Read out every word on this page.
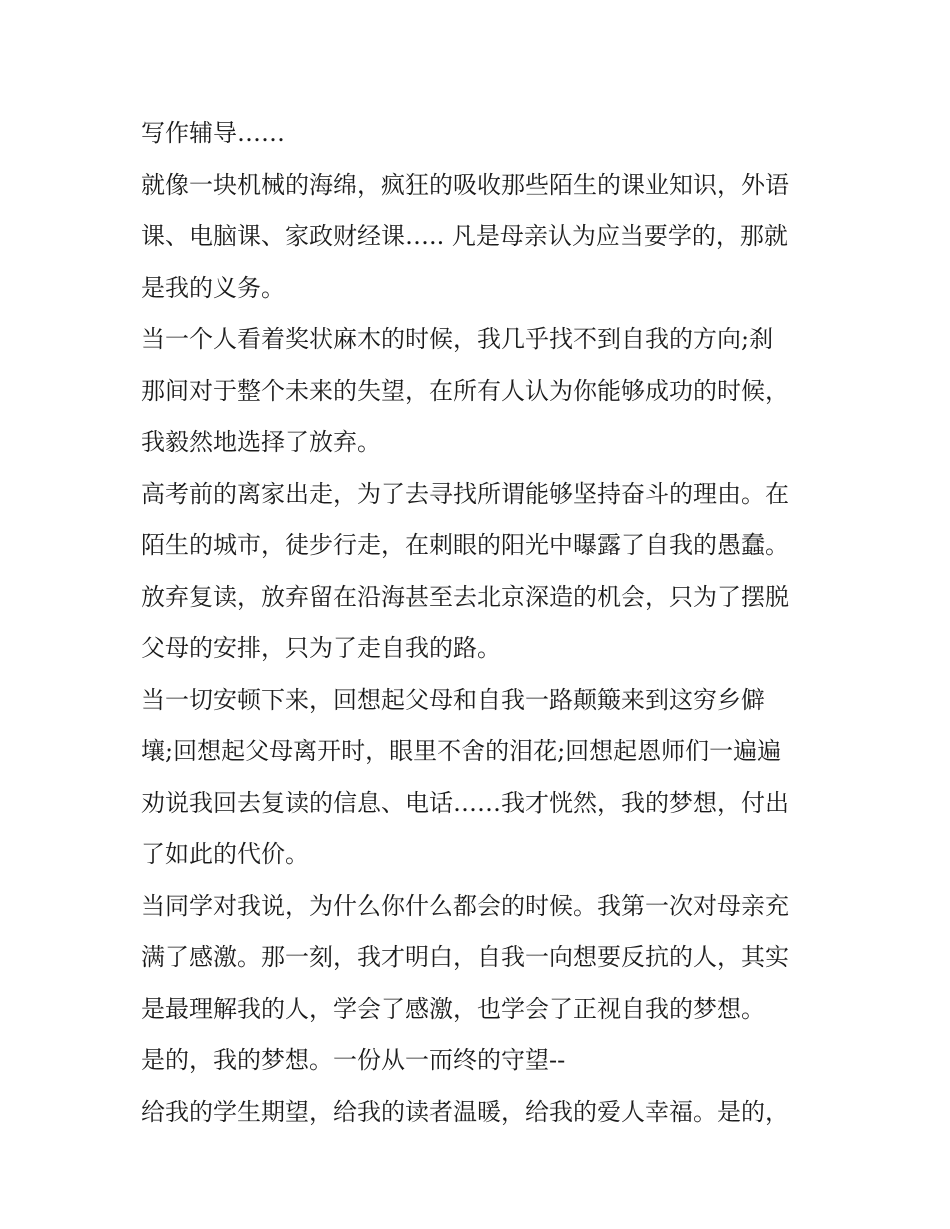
写作辅导……
就像一块机械的海绵，疯狂的吸收那些陌生的课业知识，外语
课、电脑课、家政财经课….. 凡是母亲认为应当要学的，那就
是我的义务。
当一个人看着奖状麻木的时候，我几乎找不到自我的方向;刹
那间对于整个未来的失望，在所有人认为你能够成功的时候，
我毅然地选择了放弃。
高考前的离家出走，为了去寻找所谓能够坚持奋斗的理由。在
陌生的城市，徒步行走，在刺眼的阳光中曝露了自我的愚蠢。
放弃复读，放弃留在沿海甚至去北京深造的机会，只为了摆脱
父母的安排，只为了走自我的路。
当一切安顿下来，回想起父母和自我一路颠簸来到这穷乡僻
壤;回想起父母离开时，眼里不舍的泪花;回想起恩师们一遍遍
劝说我回去复读的信息、电话……我才恍然，我的梦想，付出
了如此的代价。
当同学对我说，为什么你什么都会的时候。我第一次对母亲充
满了感激。那一刻，我才明白，自我一向想要反抗的人，其实
是最理解我的人，学会了感激，也学会了正视自我的梦想。
是的，我的梦想。一份从一而终的守望--
给我的学生期望，给我的读者温暖，给我的爱人幸福。是的，
